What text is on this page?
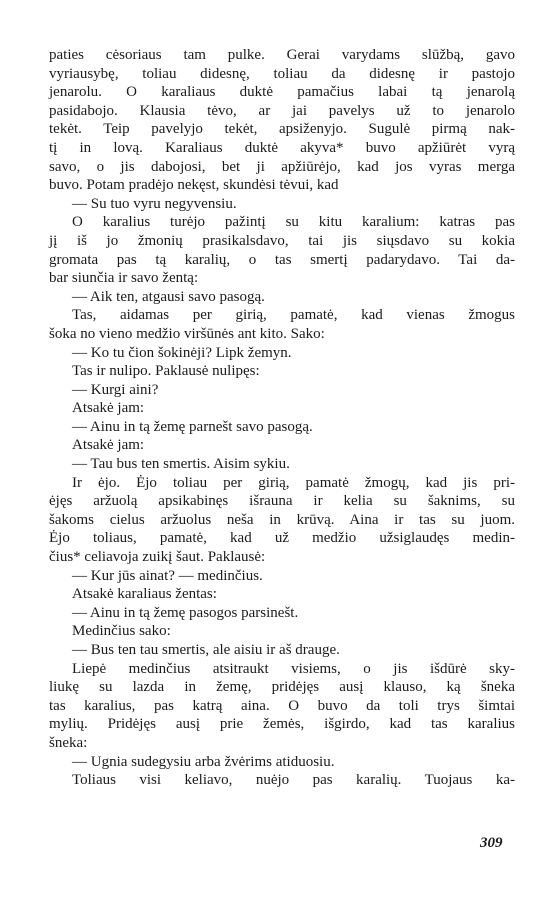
paties cėsoriaus tam pulke. Gerai varydams slūžbą, gavo
vyriausybę, toliau didesnę, toliau da didesnę ir pastojo
jenarolu. O karaliaus duktė pamačius labai tą jenarolą
pasidabojo. Klausia tėvo, ar jai pavelys už to jenarolo
tekėt. Teip pavelyjo tekėt, apsiženyjo. Sugulė pirmą nak-
tį in lovą. Karaliaus duktė akyva* buvo apžiūrėt vyrą
savo, o jis dabojosi, bet ji apžiūrėjo, kad jos vyras merga
buvo. Potam pradėjo nekęst, skundėsi tėvui, kad
— Su tuo vyru negyvensiu.
O karalius turėjo pažintį su kitu karalium: katras pas
jį iš jo žmonių prasikalsdavo, tai jis siųsdavo su kokia
gromata pas tą karalių, o tas smertį padarydavo. Tai da-
bar siunčia ir savo žentą:
— Aik ten, atgausi savo pasogą.
Tas, aidamas per girią, pamatė, kad vienas žmogus
šoka no vieno medžio viršūnės ant kito. Sako:
— Ko tu čion šokinėji? Lipk žemyn.
Tas ir nulipo. Paklausė nulipęs:
— Kurgi aini?
Atsakė jam:
— Ainu in tą žemę parnešt savo pasogą.
Atsakė jam:
— Tau bus ten smertis. Aisim sykiu.
Ir ėjo. Ėjo toliau per girią, pamatė žmogų, kad jis pri-
ėjęs aržuolą apsikabinęs išrauna ir kelia su šaknims, su
šakoms cielus aržuolus neša in krūvą. Aina ir tas su juom.
Ėjo toliaus, pamatė, kad už medžio užsiglaudęs medin-
čius* celiavoja zuikį šaut. Paklausė:
— Kur jūs ainat? — medinčius.
Atsakė karaliaus žentas:
— Ainu in tą žemę pasogos parsinešt.
Medinčius sako:
— Bus ten tau smertis, ale aisiu ir aš drauge.
Liepė medinčius atsitraukt visiems, o jis išdūrė sky-
liukę su lazda in žemę, pridėjęs ausį klauso, ką šneka
tas karalius, pas katrą aina. O buvo da toli trys šimtai
mylių. Pridėjęs ausį prie žemės, išgirdo, kad tas karalius
šneka:
— Ugnia sudegysiu arba žvėrims atiduosiu.
Toliaus visi keliavo, nuėjo pas karalių. Tuojaus ka-
309
